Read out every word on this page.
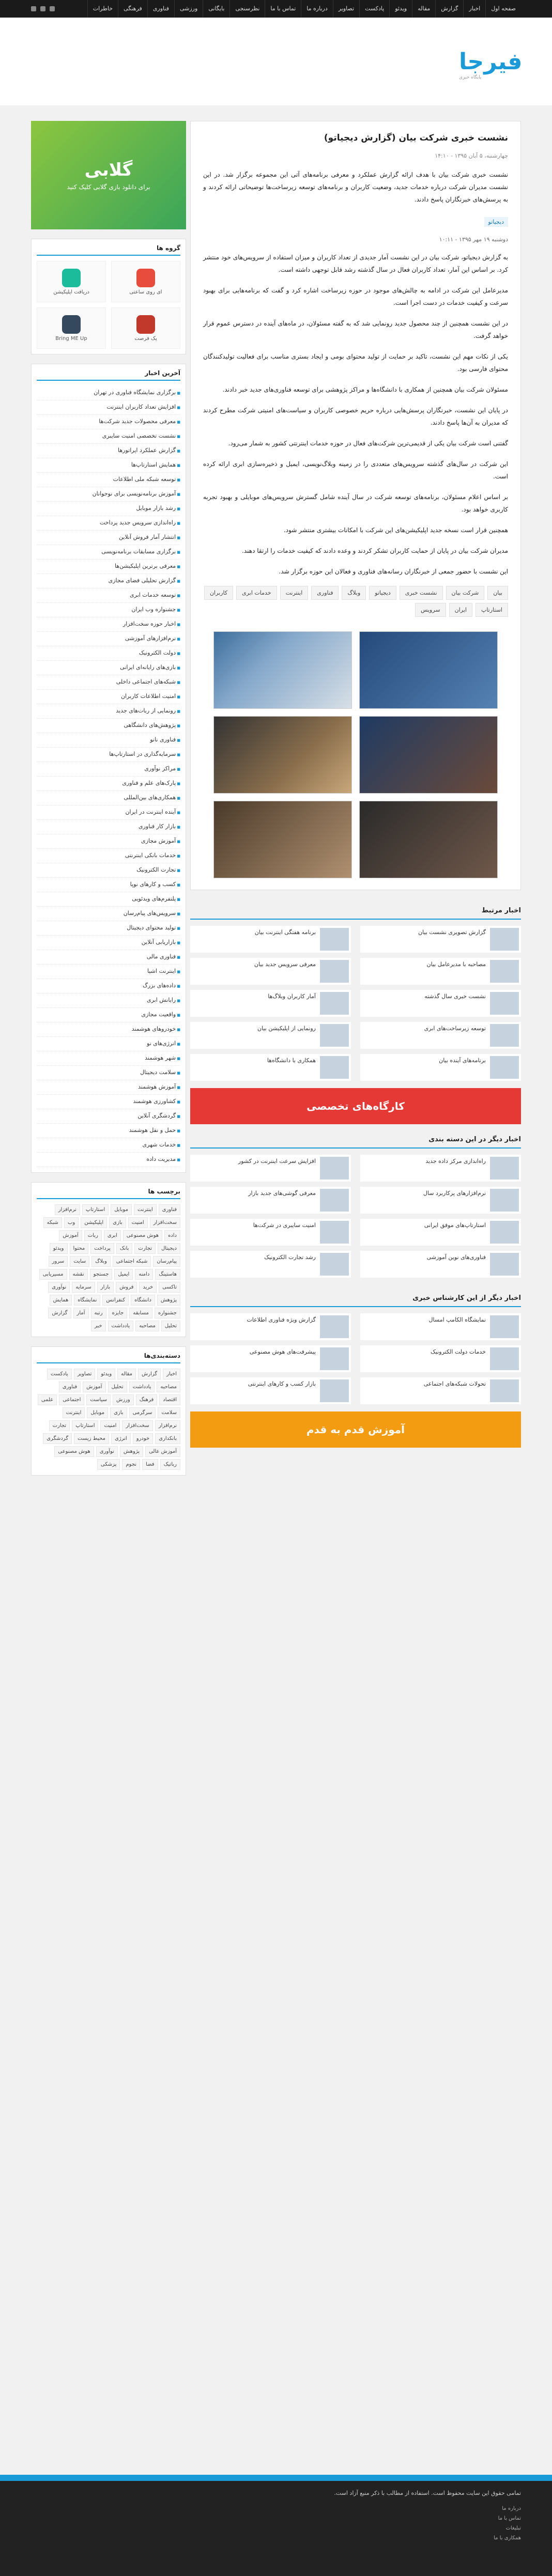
صفحه اول
اخبار
گزارش
مقاله
ویدئو
پادکست
تصاویر
درباره ما
تماس با ما
نظرسنجی
بایگانی
ورزشی
فناوری
فرهنگی
خاطرات
فیرجا
پایگاه خبری
نشست خبری شرکت بیان (گزارش دیجیاتو)
چهارشنبه، ۵ آبان ۱۳۹۵ - ۱۴:۱۰
نشست خبری شرکت بیان با هدف ارائه گزارش عملکرد و معرفی برنامه‌های آتی این مجموعه برگزار شد. در این نشست مدیران شرکت درباره خدمات جدید، وضعیت کاربران و برنامه‌های توسعه زیرساخت‌ها توضیحاتی ارائه کردند و به پرسش‌های خبرنگاران پاسخ دادند.
دیجیاتو
دوشنبه ۱۹ مهر ۱۳۹۵ - ۱۰:۱۱

به گزارش دیجیاتو، شرکت بیان در این نشست آمار جدیدی از تعداد کاربران و میزان استفاده از سرویس‌های خود منتشر کرد. بر اساس این آمار، تعداد کاربران فعال در سال گذشته رشد قابل توجهی داشته است.

مدیرعامل این شرکت در ادامه به چالش‌های موجود در حوزه زیرساخت اشاره کرد و گفت که برنامه‌هایی برای بهبود سرعت و کیفیت خدمات در دست اجرا است.

در این نشست همچنین از چند محصول جدید رونمایی شد که به گفته مسئولان، در ماه‌های آینده در دسترس عموم قرار خواهد گرفت.

یکی از نکات مهم این نشست، تاکید بر حمایت از تولید محتوای بومی و ایجاد بستری مناسب برای فعالیت تولیدکنندگان محتوای فارسی بود.

مسئولان شرکت بیان همچنین از همکاری با دانشگاه‌ها و مراکز پژوهشی برای توسعه فناوری‌های جدید خبر دادند.

در پایان این نشست، خبرنگاران پرسش‌هایی درباره حریم خصوصی کاربران و سیاست‌های امنیتی شرکت مطرح کردند که مدیران به آن‌ها پاسخ دادند.

گفتنی است شرکت بیان یکی از قدیمی‌ترین شرکت‌های فعال در حوزه خدمات اینترنتی کشور به شمار می‌رود.

این شرکت در سال‌های گذشته سرویس‌های متعددی را در زمینه وبلاگ‌نویسی، ایمیل و ذخیره‌سازی ابری ارائه کرده است.

بر اساس اعلام مسئولان، برنامه‌های توسعه شرکت در سال آینده شامل گسترش سرویس‌های موبایلی و بهبود تجربه کاربری خواهد بود.

همچنین قرار است نسخه جدید اپلیکیشن‌های این شرکت با امکانات بیشتری منتشر شود.

مدیران شرکت بیان در پایان از حمایت کاربران تشکر کردند و وعده دادند که کیفیت خدمات را ارتقا دهند.

این نشست با حضور جمعی از خبرنگاران رسانه‌های فناوری و فعالان این حوزه برگزار شد.

بیان
شرکت بیان
نشست خبری
دیجیاتو
وبلاگ
فناوری
اینترنت
خدمات ابری
کاربران
استارتاپ
ایران
سرویس
اخبار مرتبط
برنامه هفتگی اینترنت بیان	گزارش تصویری نشست بیان
معرفی سرویس جدید بیان	مصاحبه با مدیرعامل بیان
آمار کاربران وبلاگ‌ها	نشست خبری سال گذشته
رونمایی از اپلیکیشن بیان	توسعه زیرساخت‌های ابری
همکاری با دانشگاه‌ها	برنامه‌های آینده بیان
کارگاه‌های تخصصی
اخبار دیگر در این دسته بندی
افزایش سرعت اینترنت در کشور	راه‌اندازی مرکز داده جدید
معرفی گوشی‌های جدید بازار	نرم‌افزارهای پرکاربرد سال
امنیت سایبری در شرکت‌ها	استارتاپ‌های موفق ایرانی
رشد تجارت الکترونیک	فناوری‌های نوین آموزشی
اخبار دیگر از این کارشناس خبری
گزارش ویژه فناوری اطلاعات	نمایشگاه الکامپ امسال
پیشرفت‌های هوش مصنوعی	خدمات دولت الکترونیک
بازار کسب و کارهای اینترنتی	تحولات شبکه‌های اجتماعی
آموزش قدم به قدم
گلابی
برای دانلود بازی گلابی کلیک کنید
گروه ها
دریافت اپلیکیشن	ای روی ساعتی
Bring ME Up	یک فرصت
آخرین اخبار
■ برگزاری نمایشگاه فناوری در تهران
■ افزایش تعداد کاربران اینترنت
■ معرفی محصولات جدید شرکت‌ها
■ نشست تخصصی امنیت سایبری
■ گزارش عملکرد اپراتورها
■ همایش استارتاپ‌ها
■ توسعه شبکه ملی اطلاعات
■ آموزش برنامه‌نویسی برای نوجوانان
■ رشد بازار موبایل
■ راه‌اندازی سرویس جدید پرداخت
■ انتشار آمار فروش آنلاین
■ برگزاری مسابقات برنامه‌نویسی
■ معرفی برترین اپلیکیشن‌ها
■ گزارش تحلیلی فضای مجازی
■ توسعه خدمات ابری
■ جشنواره وب ایران
■ اخبار حوزه سخت‌افزار
■ نرم‌افزارهای آموزشی
■ دولت الکترونیک
■ بازی‌های رایانه‌ای ایرانی
■ شبکه‌های اجتماعی داخلی
■ امنیت اطلاعات کاربران
■ رونمایی از ربات‌های جدید
■ پژوهش‌های دانشگاهی
■ فناوری نانو
■ سرمایه‌گذاری در استارتاپ‌ها
■ مراکز نوآوری
■ پارک‌های علم و فناوری
■ همکاری‌های بین‌المللی
■ آینده اینترنت در ایران
■ بازار کار فناوری
■ آموزش مجازی
■ خدمات بانکی اینترنتی
■ تجارت الکترونیک
■ کسب و کارهای نوپا
■ پلتفرم‌های ویدئویی
■ سرویس‌های پیام‌رسان
■ تولید محتوای دیجیتال
■ بازاریابی آنلاین
■ فناوری مالی
■ اینترنت اشیا
■ داده‌های بزرگ
■ رایانش ابری
■ واقعیت مجازی
■ خودروهای هوشمند
■ انرژی‌های نو
■ شهر هوشمند
■ سلامت دیجیتال
■ آموزش هوشمند
■ کشاورزی هوشمند
■ گردشگری آنلاین
■ حمل و نقل هوشمند
■ خدمات شهری
■ مدیریت داده
برچسب ها
فناوری
اینترنت
موبایل
استارتاپ
نرم‌افزار
سخت‌افزار
امنیت
بازی
اپلیکیشن
وب
شبکه
داده
هوش مصنوعی
ابری
ربات
آموزش
دیجیتال
تجارت
بانک
پرداخت
محتوا
ویدئو
پیام‌رسان
شبکه اجتماعی
وبلاگ
سایت
سرور
هاستینگ
دامنه
ایمیل
جستجو
نقشه
مسیریابی
تاکسی
خرید
فروش
بازار
سرمایه
نوآوری
پژوهش
دانشگاه
کنفرانس
نمایشگاه
همایش
جشنواره
مسابقه
جایزه
رتبه
آمار
گزارش
تحلیل
مصاحبه
یادداشت
خبر
دسته‌بندی‌ها
اخبار
گزارش
مقاله
ویدئو
تصاویر
پادکست
مصاحبه
یادداشت
تحلیل
آموزش
فناوری
اقتصاد
فرهنگ
ورزش
سیاست
اجتماعی
علمی
سلامت
سرگرمی
بازی
موبایل
اینترنت
نرم‌افزار
سخت‌افزار
امنیت
استارتاپ
تجارت
بانکداری
خودرو
انرژی
محیط زیست
گردشگری
آموزش عالی
پژوهش
نوآوری
هوش مصنوعی
رباتیک
فضا
نجوم
پزشکی
تمامی حقوق این سایت محفوظ است. استفاده از مطالب با ذکر منبع آزاد است.
درباره ما
تماس با ما
تبلیغات
همکاری با ما
